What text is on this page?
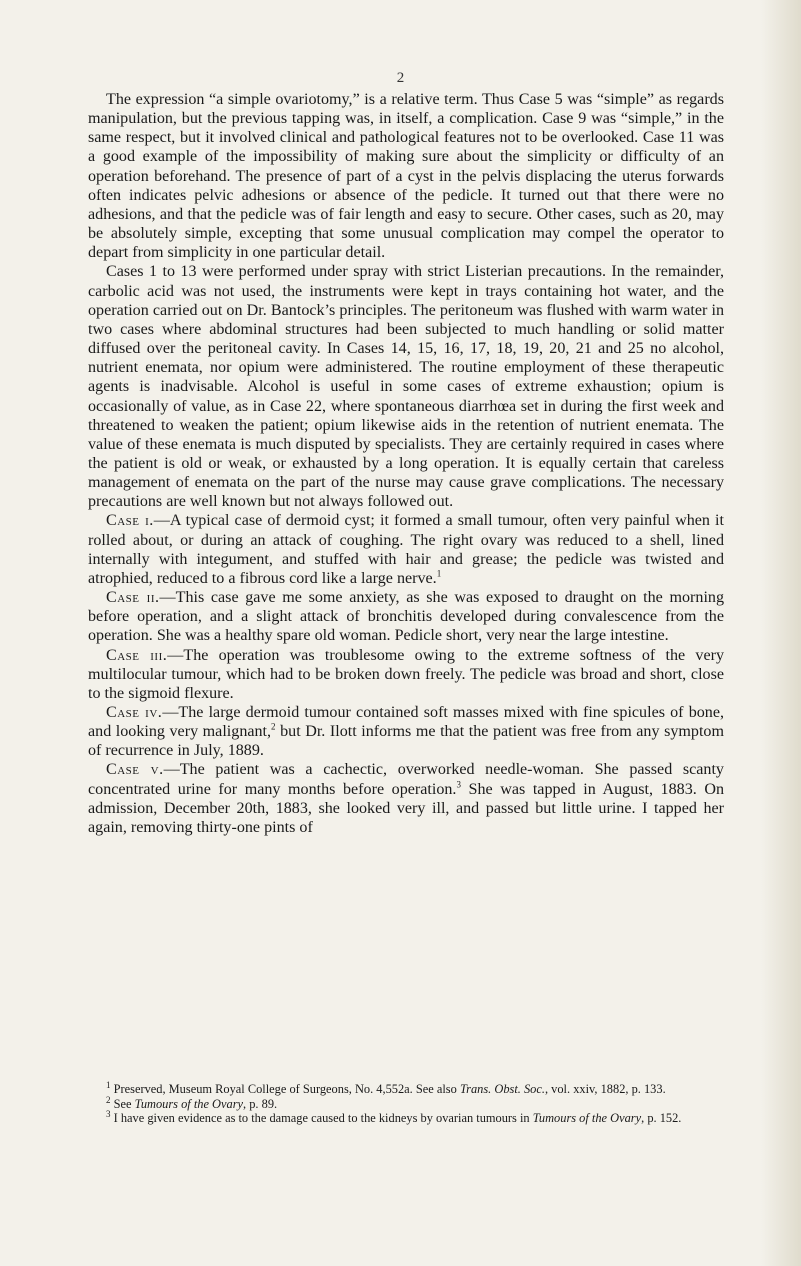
2

The expression “a simple ovariotomy,” is a relative term. Thus Case 5 was “simple” as regards manipulation, but the previous tapping was, in itself, a complication. Case 9 was “simple,” in the same respect, but it involved clinical and pathological features not to be overlooked. Case 11 was a good example of the impossibility of making sure about the simplicity or difficulty of an operation beforehand. The presence of part of a cyst in the pelvis displacing the uterus forwards often indicates pelvic adhesions or absence of the pedicle. It turned out that there were no adhesions, and that the pedicle was of fair length and easy to secure. Other cases, such as 20, may be absolutely simple, excepting that some unusual complication may compel the operator to depart from simplicity in one particular detail.

Cases 1 to 13 were performed under spray with strict Listerian precautions. In the remainder, carbolic acid was not used, the instruments were kept in trays containing hot water, and the operation carried out on Dr. Bantock’s principles. The peritoneum was flushed with warm water in two cases where abdominal structures had been subjected to much handling or solid matter diffused over the peritoneal cavity. In Cases 14, 15, 16, 17, 18, 19, 20, 21 and 25 no alcohol, nutrient enemata, nor opium were administered. The routine employment of these therapeutic agents is inadvisable. Alcohol is useful in some cases of extreme exhaustion; opium is occasionally of value, as in Case 22, where spontaneous diarrhœa set in during the first week and threatened to weaken the patient; opium likewise aids in the retention of nutrient enemata. The value of these enemata is much disputed by specialists. They are certainly required in cases where the patient is old or weak, or exhausted by a long operation. It is equally certain that careless management of enemata on the part of the nurse may cause grave complications. The necessary precautions are well known but not always followed out.

Case i.—A typical case of dermoid cyst; it formed a small tumour, often very painful when it rolled about, or during an attack of coughing. The right ovary was reduced to a shell, lined internally with integument, and stuffed with hair and grease; the pedicle was twisted and atrophied, reduced to a fibrous cord like a large nerve.$^1$

Case ii.—This case gave me some anxiety, as she was exposed to draught on the morning before operation, and a slight attack of bronchitis developed during convalescence from the operation. She was a healthy spare old woman. Pedicle short, very near the large intestine.

Case iii.—The operation was troublesome owing to the extreme softness of the very multilocular tumour, which had to be broken down freely. The pedicle was broad and short, close to the sigmoid flexure.

Case iv.—The large dermoid tumour contained soft masses mixed with fine spicules of bone, and looking very malignant,$^2$ but Dr. Ilott informs me that the patient was free from any symptom of recurrence in July, 1889.

Case v.—The patient was a cachectic, overworked needle-woman. She passed scanty concentrated urine for many months before operation.$^3$ She was tapped in August, 1883. On admission, December 20th, 1883, she looked very ill, and passed but little urine. I tapped her again, removing thirty-one pints of

$^1$ Preserved, Museum Royal College of Surgeons, No. 4,552a. See also Trans. Obst. Soc., vol. xxiv, 1882, p. 133.

$^2$ See Tumours of the Ovary, p. 89.

$^3$ I have given evidence as to the damage caused to the kidneys by ovarian tumours in Tumours of the Ovary, p. 152.
